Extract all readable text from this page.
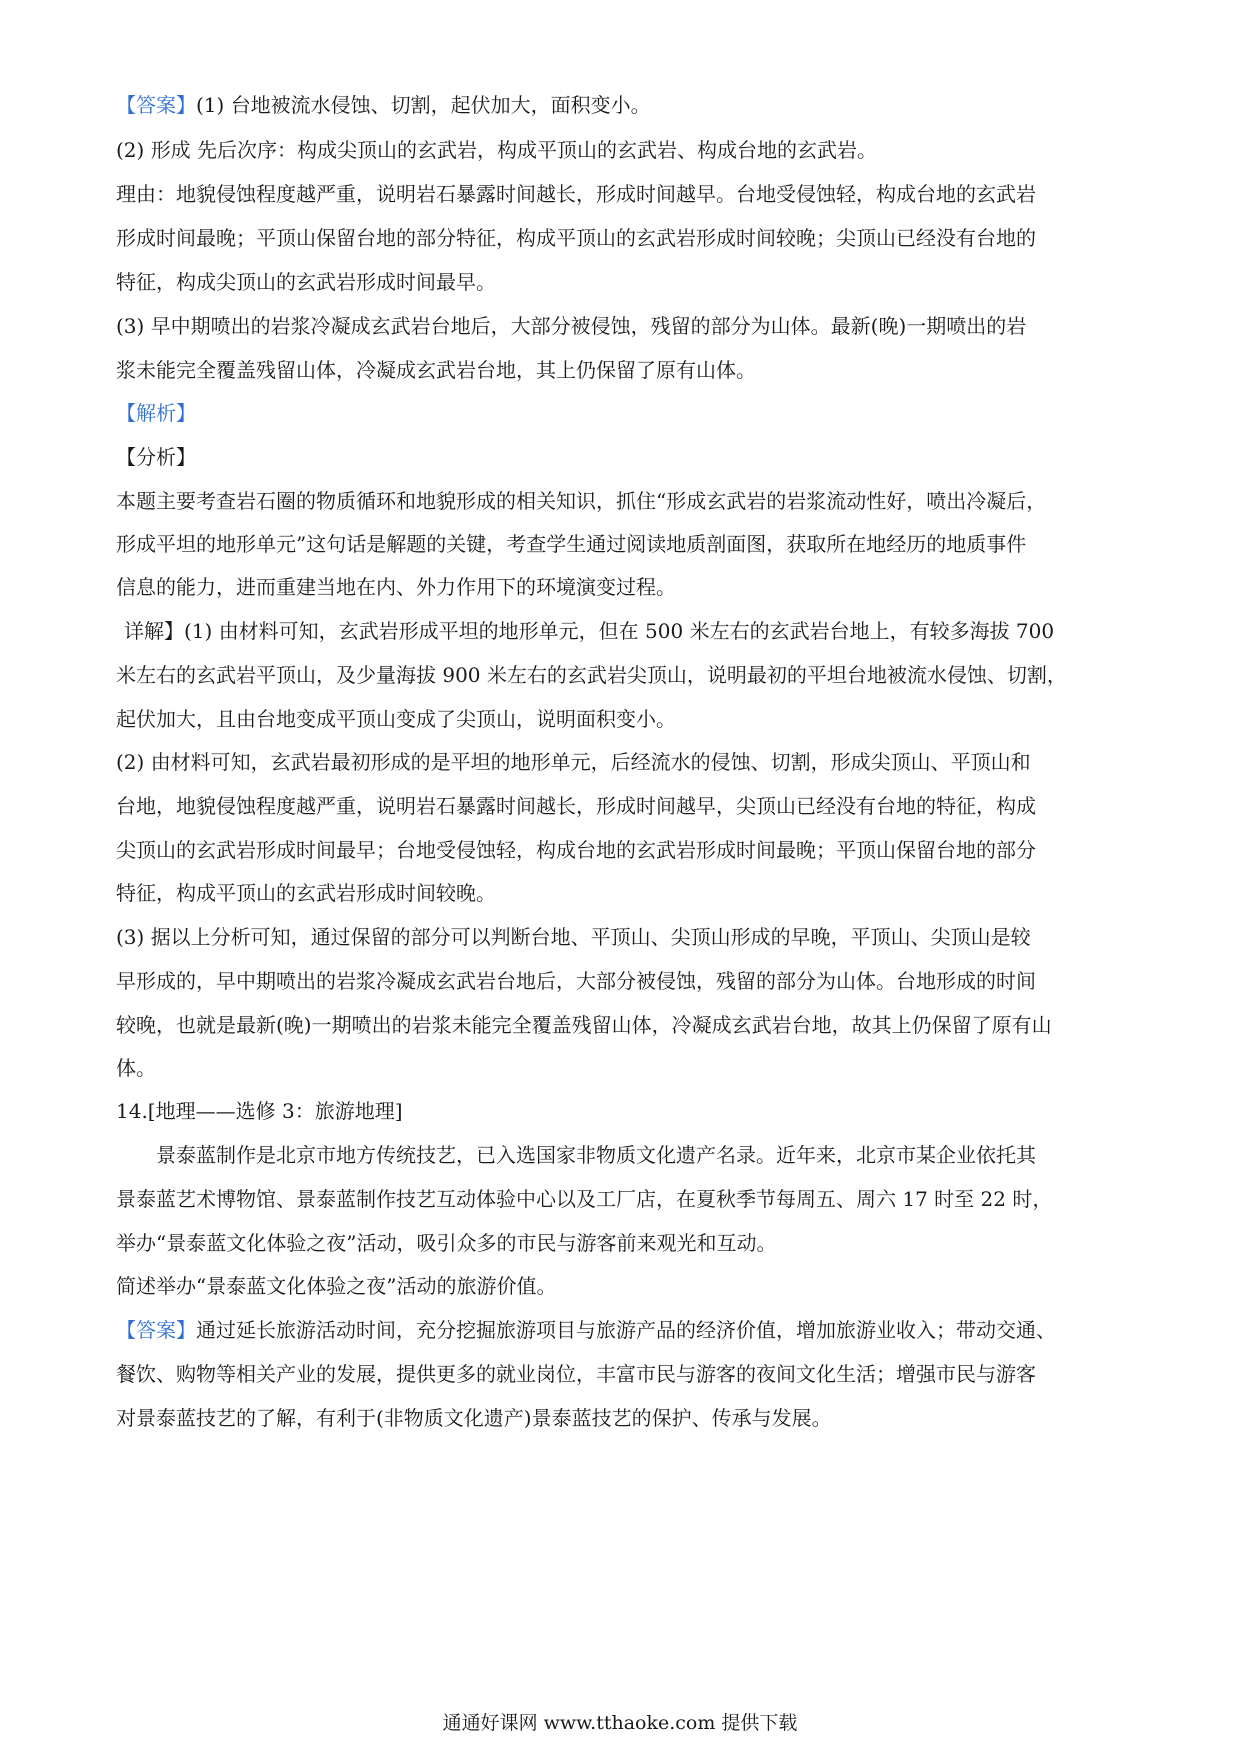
【答案】(1) 台地被流水侵蚀、切割，起伏加大，面积变小。
(2) 形成 先后次序：构成尖顶山的玄武岩，构成平顶山的玄武岩、构成台地的玄武岩。
理由：地貌侵蚀程度越严重，说明岩石暴露时间越长，形成时间越早。台地受侵蚀轻，构成台地的玄武岩
形成时间最晚；平顶山保留台地的部分特征，构成平顶山的玄武岩形成时间较晚；尖顶山已经没有台地的
特征，构成尖顶山的玄武岩形成时间最早。
(3) 早中期喷出的岩浆冷凝成玄武岩台地后，大部分被侵蚀，残留的部分为山体。最新(晚)一期喷出的岩
浆未能完全覆盖残留山体，冷凝成玄武岩台地，其上仍保留了原有山体。
【解析】
【分析】
本题主要考查岩石圈的物质循环和地貌形成的相关知识，抓住“形成玄武岩的岩浆流动性好，喷出冷凝后，
形成平坦的地形单元”这句话是解题的关键，考查学生通过阅读地质剖面图，获取所在地经历的地质事件
信息的能力，进而重建当地在内、外力作用下的环境演变过程。
详解】(1) 由材料可知，玄武岩形成平坦的地形单元，但在 500 米左右的玄武岩台地上，有较多海拔 700
米左右的玄武岩平顶山，及少量海拔 900 米左右的玄武岩尖顶山，说明最初的平坦台地被流水侵蚀、切割，
起伏加大，且由台地变成平顶山变成了尖顶山，说明面积变小。
(2) 由材料可知，玄武岩最初形成的是平坦的地形单元，后经流水的侵蚀、切割，形成尖顶山、平顶山和
台地，地貌侵蚀程度越严重，说明岩石暴露时间越长，形成时间越早，尖顶山已经没有台地的特征，构成
尖顶山的玄武岩形成时间最早；台地受侵蚀轻，构成台地的玄武岩形成时间最晚；平顶山保留台地的部分
特征，构成平顶山的玄武岩形成时间较晚。
(3) 据以上分析可知，通过保留的部分可以判断台地、平顶山、尖顶山形成的早晚，平顶山、尖顶山是较
早形成的，早中期喷出的岩浆冷凝成玄武岩台地后，大部分被侵蚀，残留的部分为山体。台地形成的时间
较晚，也就是最新(晚)一期喷出的岩浆未能完全覆盖残留山体，冷凝成玄武岩台地，故其上仍保留了原有山
体。
14.[地理——选修 3：旅游地理]
景泰蓝制作是北京市地方传统技艺，已入选国家非物质文化遗产名录。近年来，北京市某企业依托其
景泰蓝艺术博物馆、景泰蓝制作技艺互动体验中心以及工厂店，在夏秋季节每周五、周六 17 时至 22 时，
举办“景泰蓝文化体验之夜”活动，吸引众多的市民与游客前来观光和互动。
简述举办“景泰蓝文化体验之夜”活动的旅游价值。
【答案】通过延长旅游活动时间，充分挖掘旅游项目与旅游产品的经济价值，增加旅游业收入；带动交通、
餐饮、购物等相关产业的发展，提供更多的就业岗位，丰富市民与游客的夜间文化生活；增强市民与游客
对景泰蓝技艺的了解，有利于(非物质文化遗产)景泰蓝技艺的保护、传承与发展。
通通好课网 www.tthaoke.com 提供下载
